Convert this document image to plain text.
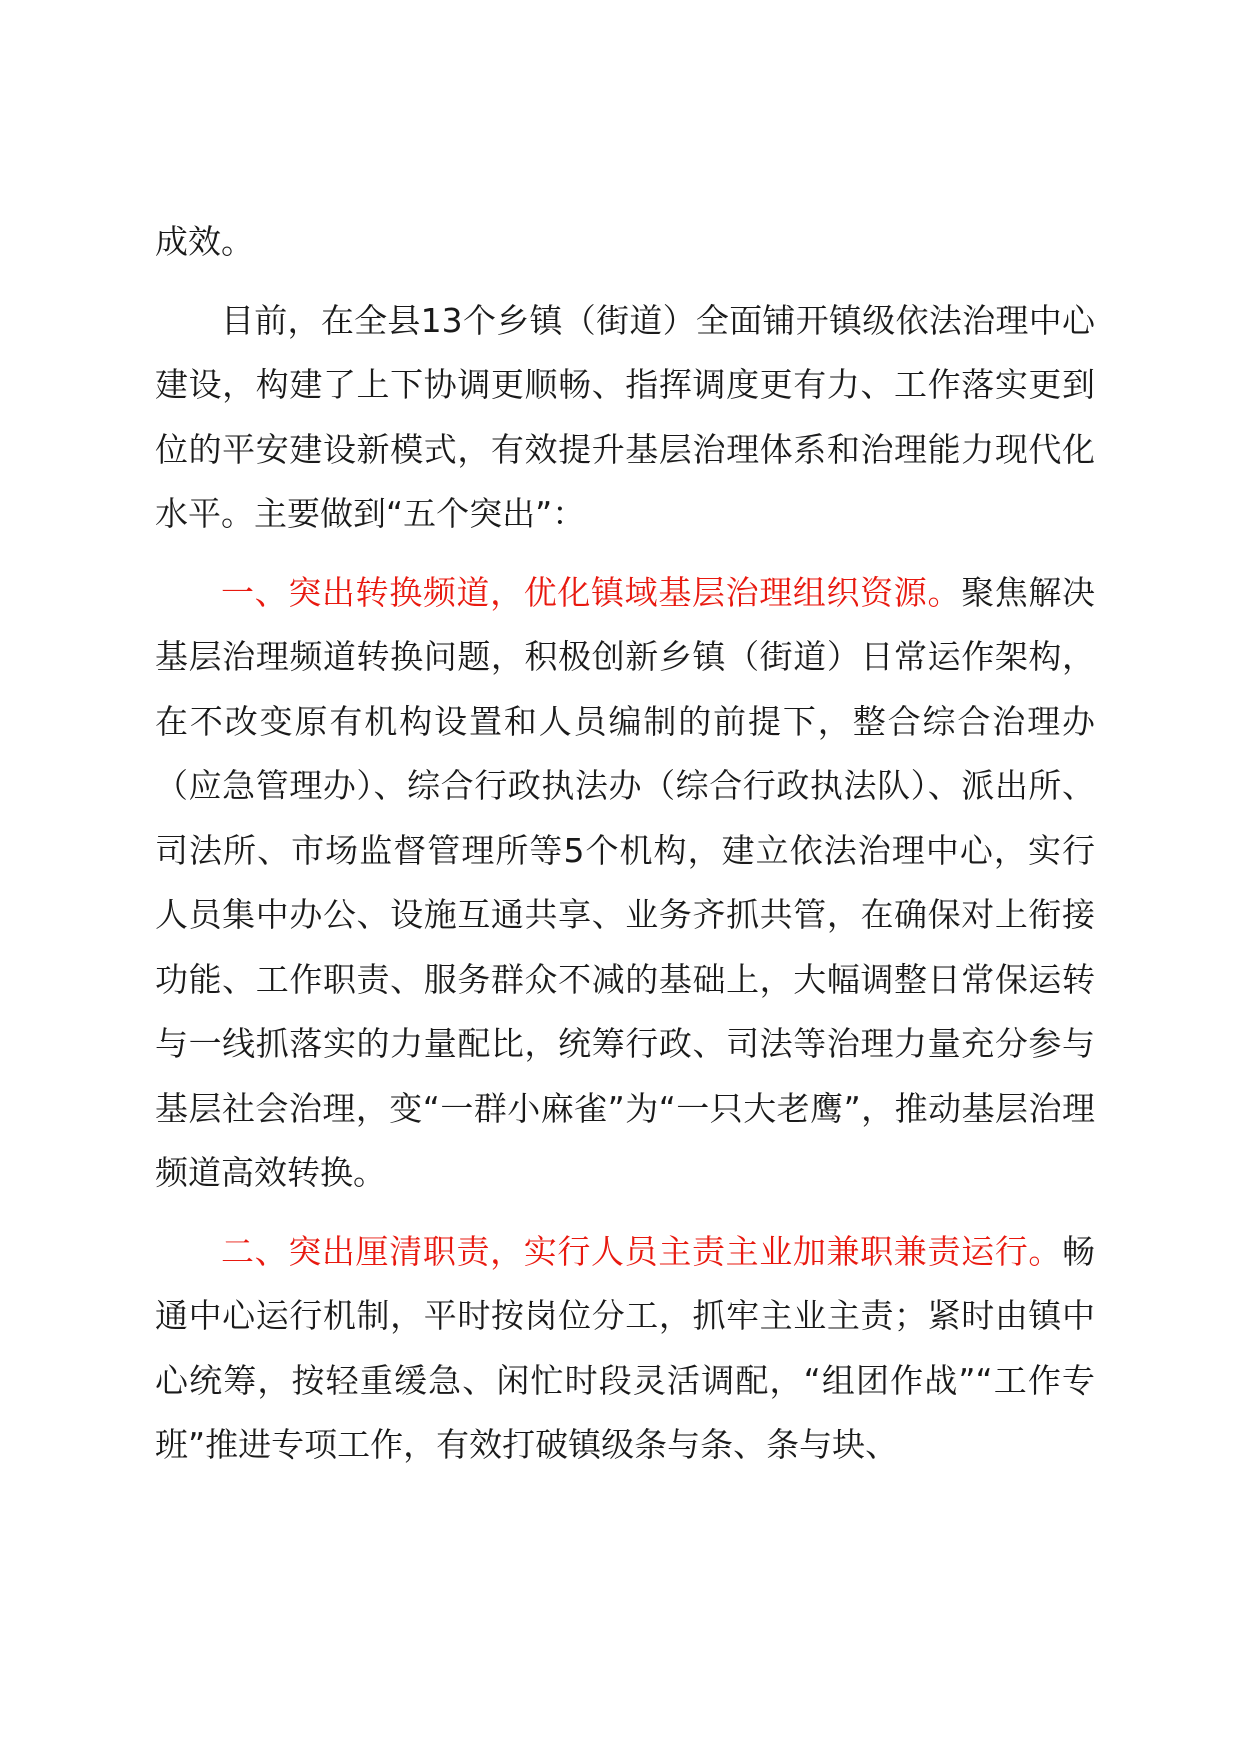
成效。

目前，在全县13个乡镇（街道）全面铺开镇级依法治理中心建设，构建了上下协调更顺畅、指挥调度更有力、工作落实更到位的平安建设新模式，有效提升基层治理体系和治理能力现代化水平。主要做到“五个突出”：

一、突出转换频道，优化镇域基层治理组织资源。聚焦解决基层治理频道转换问题，积极创新乡镇（街道）日常运作架构，在不改变原有机构设置和人员编制的前提下，整合综合治理办（应急管理办）、综合行政执法办（综合行政执法队）、派出所、司法所、市场监督管理所等5个机构，建立依法治理中心，实行人员集中办公、设施互通共享、业务齐抓共管，在确保对上衔接功能、工作职责、服务群众不减的基础上，大幅调整日常保运转与一线抓落实的力量配比，统筹行政、司法等治理力量充分参与基层社会治理，变“一群小麻雀”为“一只大老鹰”，推动基层治理频道高效转换。

二、突出厘清职责，实行人员主责主业加兼职兼责运行。畅通中心运行机制，平时按岗位分工，抓牢主业主责；紧时由镇中心统筹，按轻重缓急、闲忙时段灵活调配，“组团作战”“工作专班”推进专项工作，有效打破镇级条与条、条与块、
